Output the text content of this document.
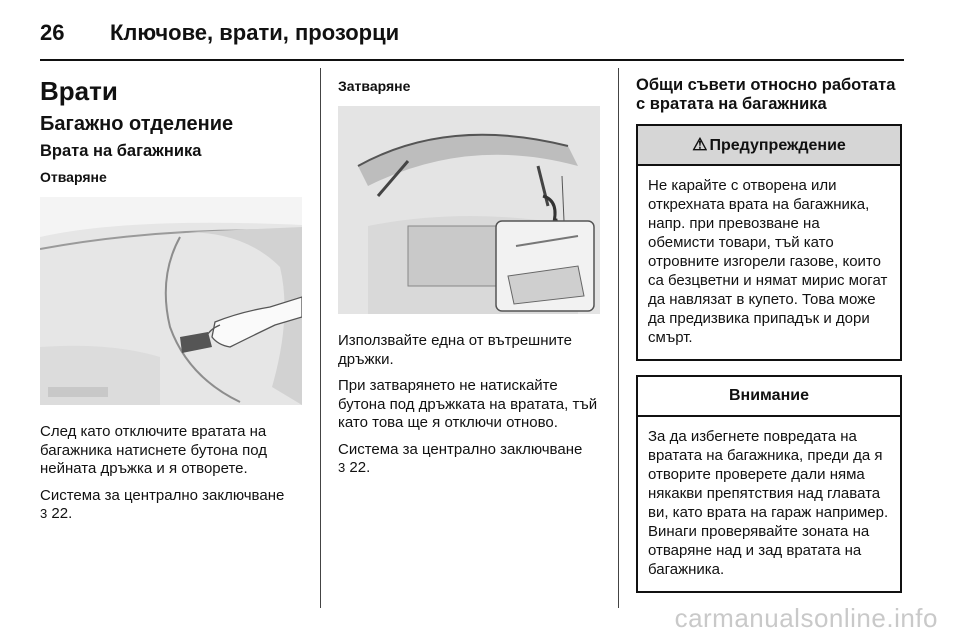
26 Ключове, врати, прозорци
Врати
Багажно отделение
Врата на багажника
Отваряне

След като отключите вратата на багажника натиснете бутона под нейната дръжка и я отворете.

Система за централно заключване
3 22.

Затваряне

Използвайте една от вътрешните дръжки.

При затварянето не натискайте бутона под дръжката на вратата, тъй като това ще я отключи отново.

Система за централно заключване
3 22.

Общи съвети относно работата с вратата на багажника
⚠ Предупреждение

Не карайте с отворена или открехната врата на багажника, напр. при превозване на обемисти товари, тъй като отровните изгорели газове, които са безцветни и нямат мирис могат да навлязат в купето. Това може да предизвика припадък и дори смърт.

Внимание

За да избегнете повредата на вратата на багажника, преди да я отворите проверете дали няма някакви препятствия над главата ви, като врата на гараж например. Винаги проверявайте зоната на отваряне над и зад вратата на багажника.

carmanualsonline.info
